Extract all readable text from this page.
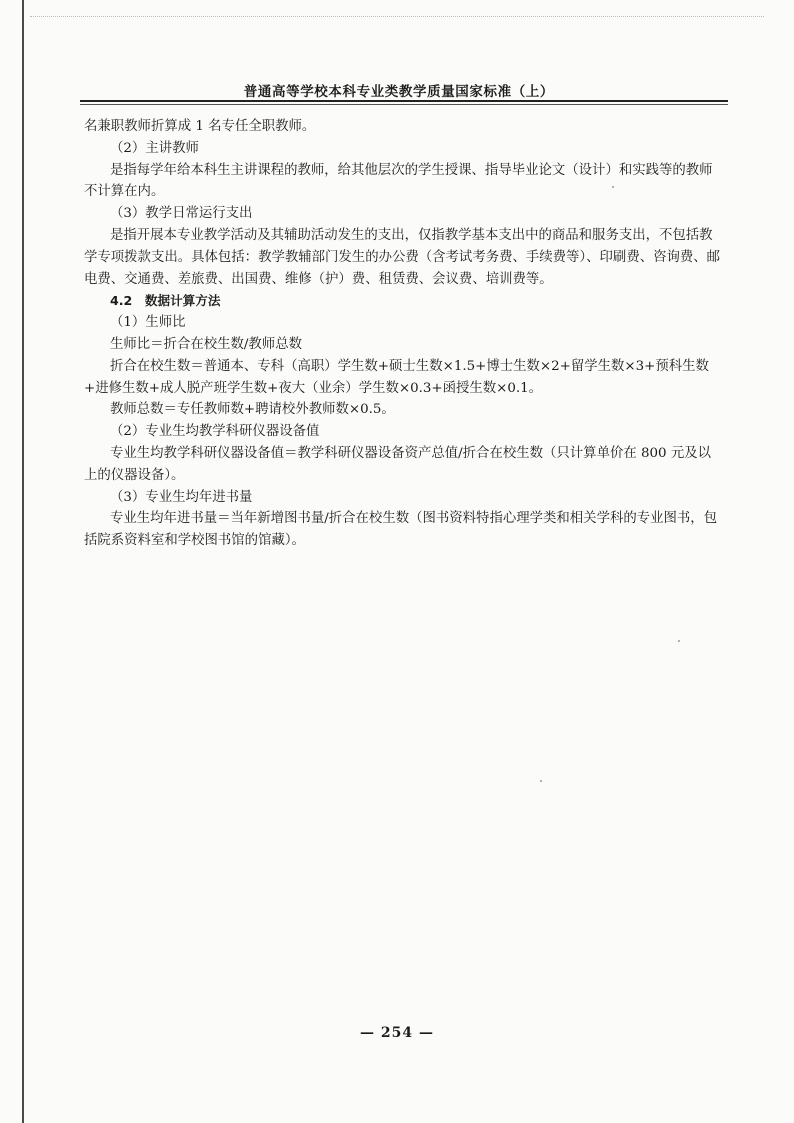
普通高等学校本科专业类教学质量国家标准（上）

名兼职教师折算成 1 名专任全职教师。

（2）主讲教师

是指每学年给本科生主讲课程的教师，给其他层次的学生授课、指导毕业论文（设计）和实践等的教师不计算在内。

（3）教学日常运行支出

是指开展本专业教学活动及其辅助活动发生的支出，仅指教学基本支出中的商品和服务支出，不包括教学专项拨款支出。具体包括：教学教辅部门发生的办公费（含考试考务费、手续费等）、印刷费、咨询费、邮电费、交通费、差旅费、出国费、维修（护）费、租赁费、会议费、培训费等。

4.2　数据计算方法

（1）生师比

生师比＝折合在校生数/教师总数

折合在校生数＝普通本、专科（高职）学生数+硕士生数×1.5+博士生数×2+留学生数×3+预科生数+进修生数+成人脱产班学生数+夜大（业余）学生数×0.3+函授生数×0.1。

教师总数＝专任教师数+聘请校外教师数×0.5。

（2）专业生均教学科研仪器设备值

专业生均教学科研仪器设备值＝教学科研仪器设备资产总值/折合在校生数（只计算单价在 800 元及以上的仪器设备）。

（3）专业生均年进书量

专业生均年进书量＝当年新增图书量/折合在校生数（图书资料特指心理学类和相关学科的专业图书，包括院系资料室和学校图书馆的馆藏）。

— 254 —
